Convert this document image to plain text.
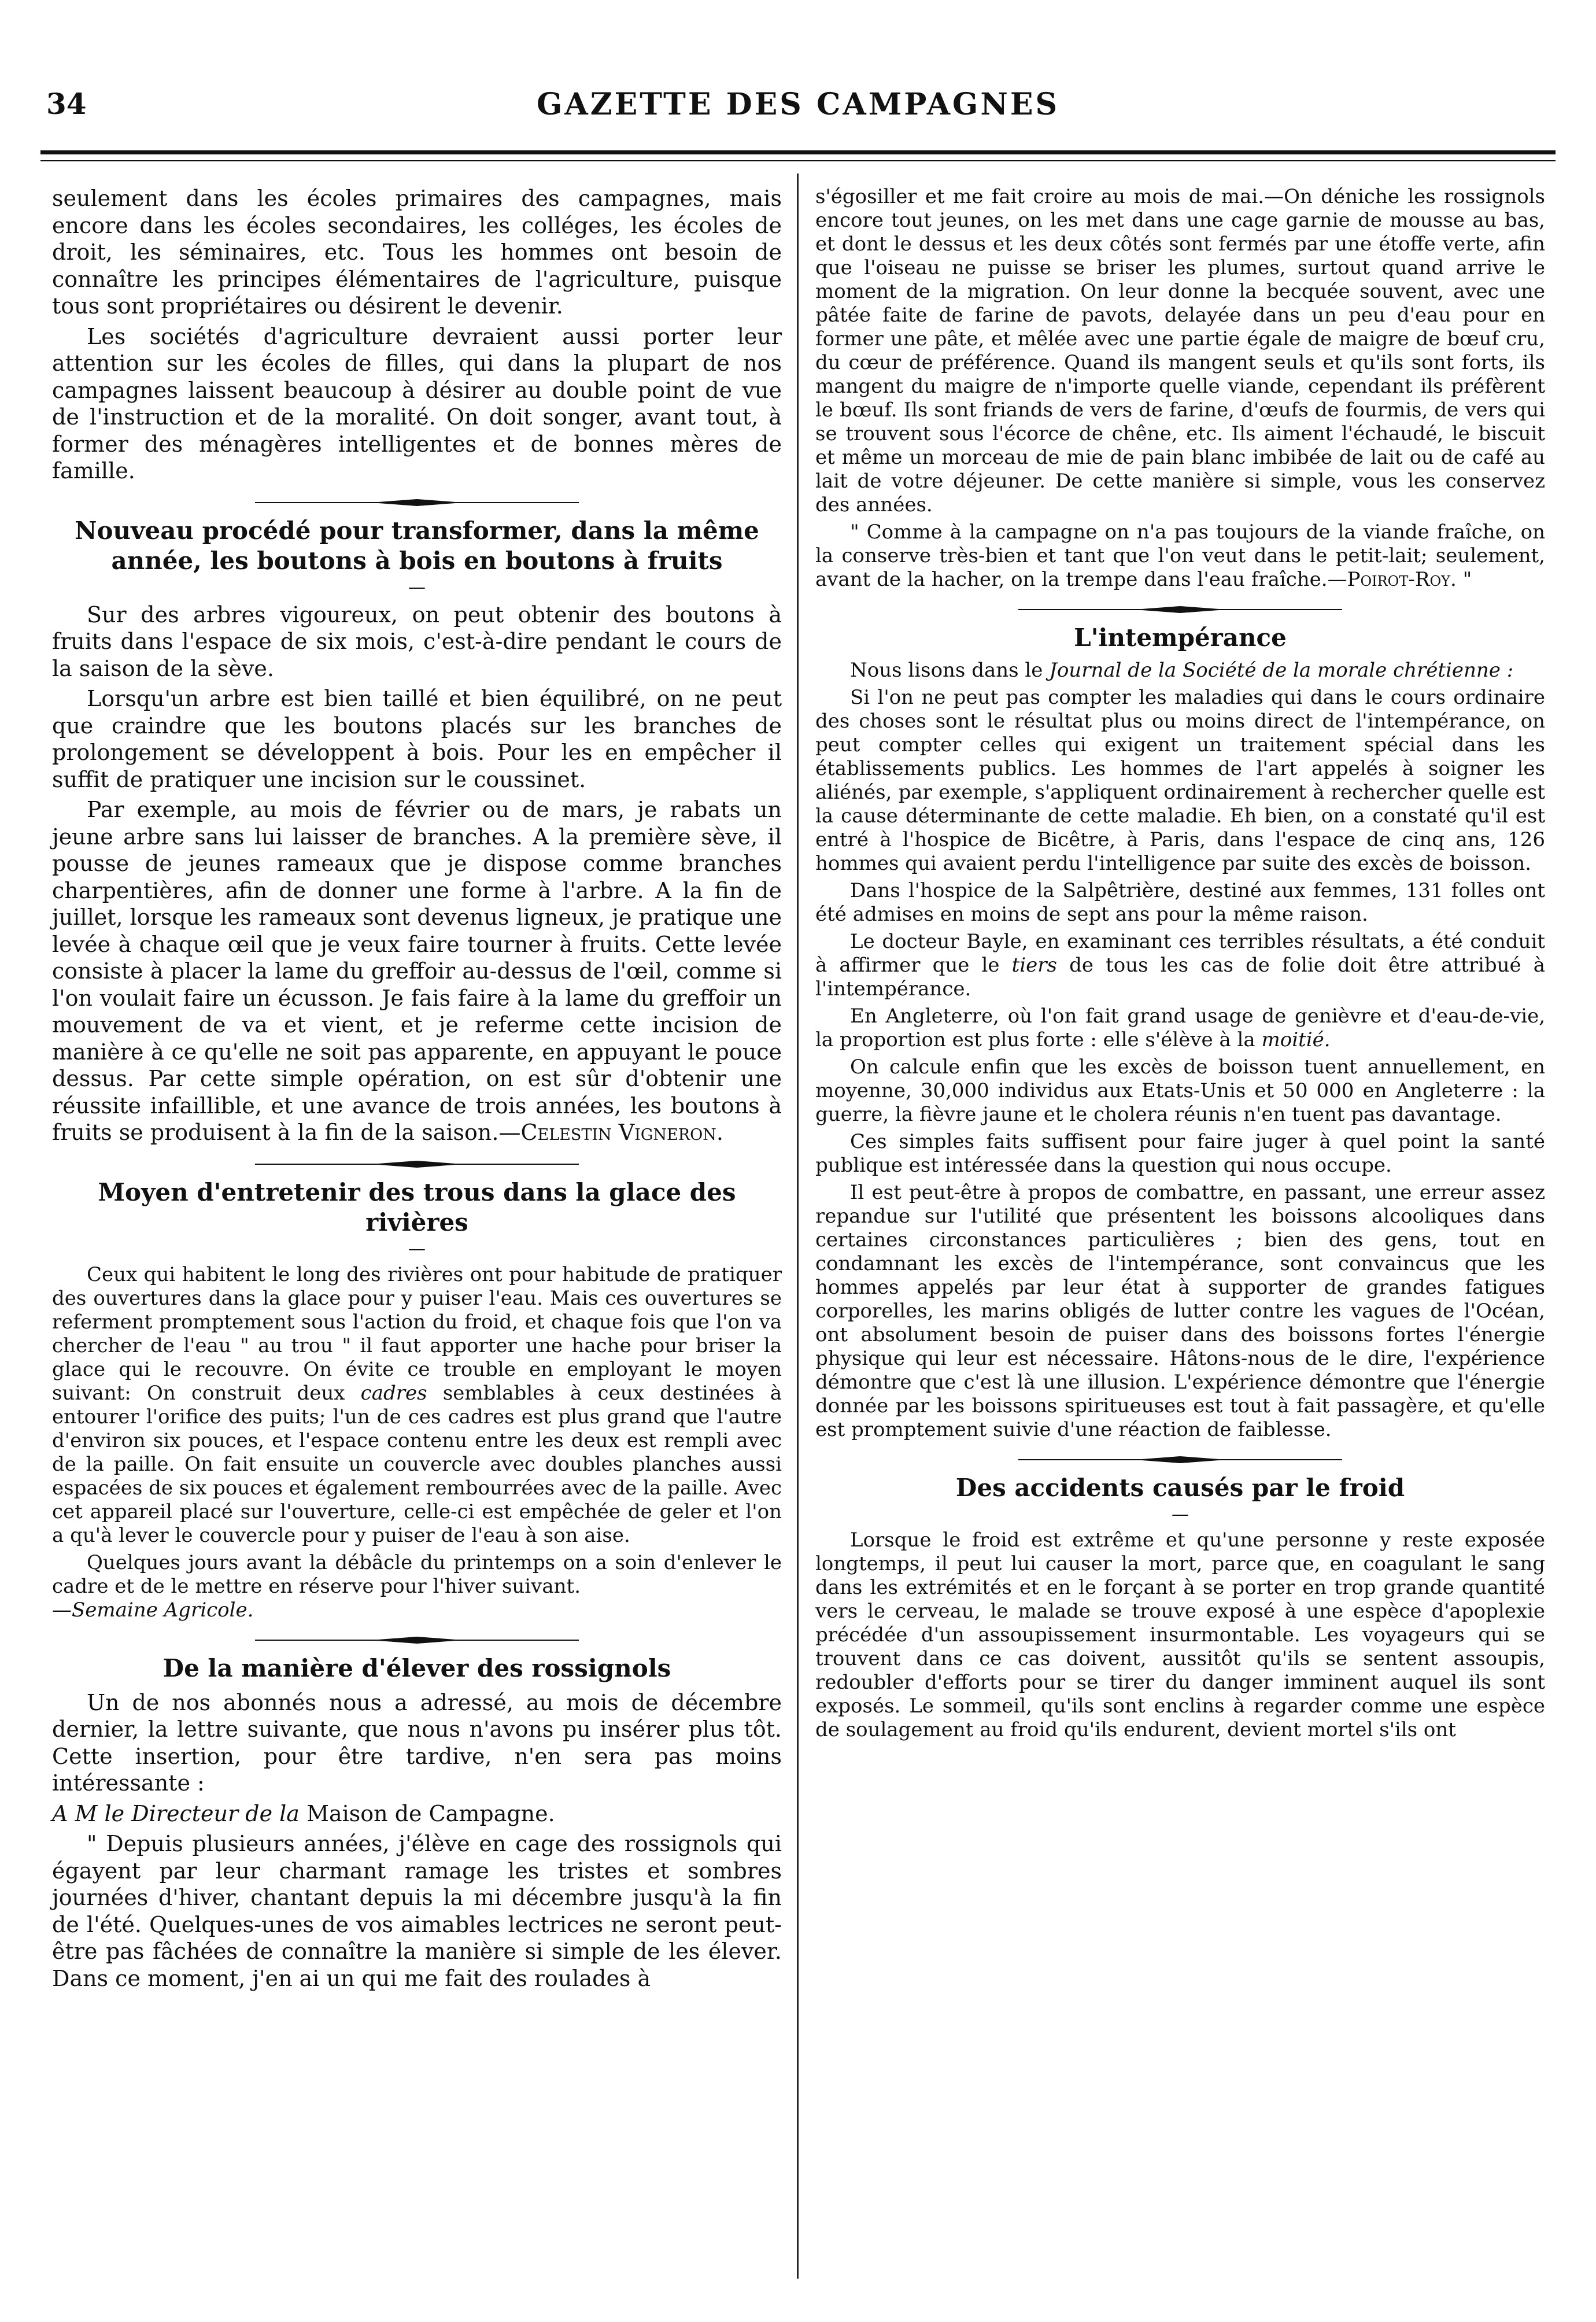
34	GAZETTE DES CAMPAGNES

seulement dans les écoles primaires des campagnes, mais encore dans les écoles secondaires, les colléges, les écoles de droit, les séminaires, etc. Tous les hommes ont besoin de connaître les principes élémentaires de l'agriculture, puisque tous sont propriétaires ou désirent le devenir.

Les sociétés d'agriculture devraient aussi porter leur attention sur les écoles de filles, qui dans la plupart de nos campagnes laissent beaucoup à désirer au double point de vue de l'instruction et de la moralité. On doit songer, avant tout, à former des ménagères intelligentes et de bonnes mères de famille.

Nouveau procédé pour transformer, dans la même année, les boutons à bois en boutons à fruits
—

Sur des arbres vigoureux, on peut obtenir des boutons à fruits dans l'espace de six mois, c'est-à-dire pendant le cours de la saison de la sève.

Lorsqu'un arbre est bien taillé et bien équilibré, on ne peut que craindre que les boutons placés sur les branches de prolongement se développent à bois. Pour les en empêcher il suffit de pratiquer une incision sur le coussinet.

Par exemple, au mois de février ou de mars, je rabats un jeune arbre sans lui laisser de branches. A la première sève, il pousse de jeunes rameaux que je dispose comme branches charpentières, afin de donner une forme à l'arbre. A la fin de juillet, lorsque les rameaux sont devenus ligneux, je pratique une levée à chaque œil que je veux faire tourner à fruits. Cette levée consiste à placer la lame du greffoir au-dessus de l'œil, comme si l'on voulait faire un écusson. Je fais faire à la lame du greffoir un mouvement de va et vient, et je referme cette incision de manière à ce qu'elle ne soit pas apparente, en appuyant le pouce dessus. Par cette simple opération, on est sûr d'obtenir une réussite infaillible, et une avance de trois années, les boutons à fruits se produisent à la fin de la saison.—Celestin Vigneron.

Moyen d'entretenir des trous dans la glace des rivières
—

Ceux qui habitent le long des rivières ont pour habitude de pratiquer des ouvertures dans la glace pour y puiser l'eau. Mais ces ouvertures se referment promptement sous l'action du froid, et chaque fois que l'on va chercher de l'eau " au trou " il faut apporter une hache pour briser la glace qui le recouvre. On évite ce trouble en employant le moyen suivant: On construit deux cadres semblables à ceux destinées à entourer l'orifice des puits; l'un de ces cadres est plus grand que l'autre d'environ six pouces, et l'espace contenu entre les deux est rempli avec de la paille. On fait ensuite un couvercle avec doubles planches aussi espacées de six pouces et également rembourrées avec de la paille. Avec cet appareil placé sur l'ouverture, celle-ci est empêchée de geler et l'on a qu'à lever le couvercle pour y puiser de l'eau à son aise.

Quelques jours avant la débâcle du printemps on a soin d'enlever le cadre et de le mettre en réserve pour l'hiver suivant.
—Semaine Agricole.

De la manière d'élever des rossignols

Un de nos abonnés nous a adressé, au mois de décembre dernier, la lettre suivante, que nous n'avons pu insérer plus tôt. Cette insertion, pour être tardive, n'en sera pas moins intéressante :

A M le Directeur de la Maison de Campagne.

" Depuis plusieurs années, j'élève en cage des rossignols qui égayent par leur charmant ramage les tristes et sombres journées d'hiver, chantant depuis la mi décembre jusqu'à la fin de l'été. Quelques-unes de vos aimables lectrices ne seront peut-être pas fâchées de connaître la manière si simple de les élever. Dans ce moment, j'en ai un qui me fait des roulades à

s'égosiller et me fait croire au mois de mai.—On déniche les rossignols encore tout jeunes, on les met dans une cage garnie de mousse au bas, et dont le dessus et les deux côtés sont fermés par une étoffe verte, afin que l'oiseau ne puisse se briser les plumes, surtout quand arrive le moment de la migration. On leur donne la becquée souvent, avec une pâtée faite de farine de pavots, delayée dans un peu d'eau pour en former une pâte, et mêlée avec une partie égale de maigre de bœuf cru, du cœur de préférence. Quand ils mangent seuls et qu'ils sont forts, ils mangent du maigre de n'importe quelle viande, cependant ils préfèrent le bœuf. Ils sont friands de vers de farine, d'œufs de fourmis, de vers qui se trouvent sous l'écorce de chêne, etc. Ils aiment l'échaudé, le biscuit et même un morceau de mie de pain blanc imbibée de lait ou de café au lait de votre déjeuner. De cette manière si simple, vous les conservez des années.

" Comme à la campagne on n'a pas toujours de la viande fraîche, on la conserve très-bien et tant que l'on veut dans le petit-lait; seulement, avant de la hacher, on la trempe dans l'eau fraîche.—Poirot-Roy. "

L'intempérance

Nous lisons dans le Journal de la Société de la morale chrétienne :

Si l'on ne peut pas compter les maladies qui dans le cours ordinaire des choses sont le résultat plus ou moins direct de l'intempérance, on peut compter celles qui exigent un traitement spécial dans les établissements publics. Les hommes de l'art appelés à soigner les aliénés, par exemple, s'appliquent ordinairement à rechercher quelle est la cause déterminante de cette maladie. Eh bien, on a constaté qu'il est entré à l'hospice de Bicêtre, à Paris, dans l'espace de cinq ans, 126 hommes qui avaient perdu l'intelligence par suite des excès de boisson.

Dans l'hospice de la Salpêtrière, destiné aux femmes, 131 folles ont été admises en moins de sept ans pour la même raison.

Le docteur Bayle, en examinant ces terribles résultats, a été conduit à affirmer que le tiers de tous les cas de folie doit être attribué à l'intempérance.

En Angleterre, où l'on fait grand usage de genièvre et d'eau-de-vie, la proportion est plus forte : elle s'élève à la moitié.

On calcule enfin que les excès de boisson tuent annuellement, en moyenne, 30,000 individus aux Etats-Unis et 50 000 en Angleterre : la guerre, la fièvre jaune et le cholera réunis n'en tuent pas davantage.

Ces simples faits suffisent pour faire juger à quel point la santé publique est intéressée dans la question qui nous occupe.

Il est peut-être à propos de combattre, en passant, une erreur assez repandue sur l'utilité que présentent les boissons alcooliques dans certaines circonstances particulières ; bien des gens, tout en condamnant les excès de l'intempérance, sont convaincus que les hommes appelés par leur état à supporter de grandes fatigues corporelles, les marins obligés de lutter contre les vagues de l'Océan, ont absolument besoin de puiser dans des boissons fortes l'énergie physique qui leur est nécessaire. Hâtons-nous de le dire, l'expérience démontre que c'est là une illusion. L'expérience démontre que l'énergie donnée par les boissons spiritueuses est tout à fait passagère, et qu'elle est promptement suivie d'une réaction de faiblesse.

Des accidents causés par le froid
—

Lorsque le froid est extrême et qu'une personne y reste exposée longtemps, il peut lui causer la mort, parce que, en coagulant le sang dans les extrémités et en le forçant à se porter en trop grande quantité vers le cerveau, le malade se trouve exposé à une espèce d'apoplexie précédée d'un assoupissement insurmontable. Les voyageurs qui se trouvent dans ce cas doivent, aussitôt qu'ils se sentent assoupis, redoubler d'efforts pour se tirer du danger imminent auquel ils sont exposés. Le sommeil, qu'ils sont enclins à regarder comme une espèce de soulagement au froid qu'ils endurent, devient mortel s'ils ont
